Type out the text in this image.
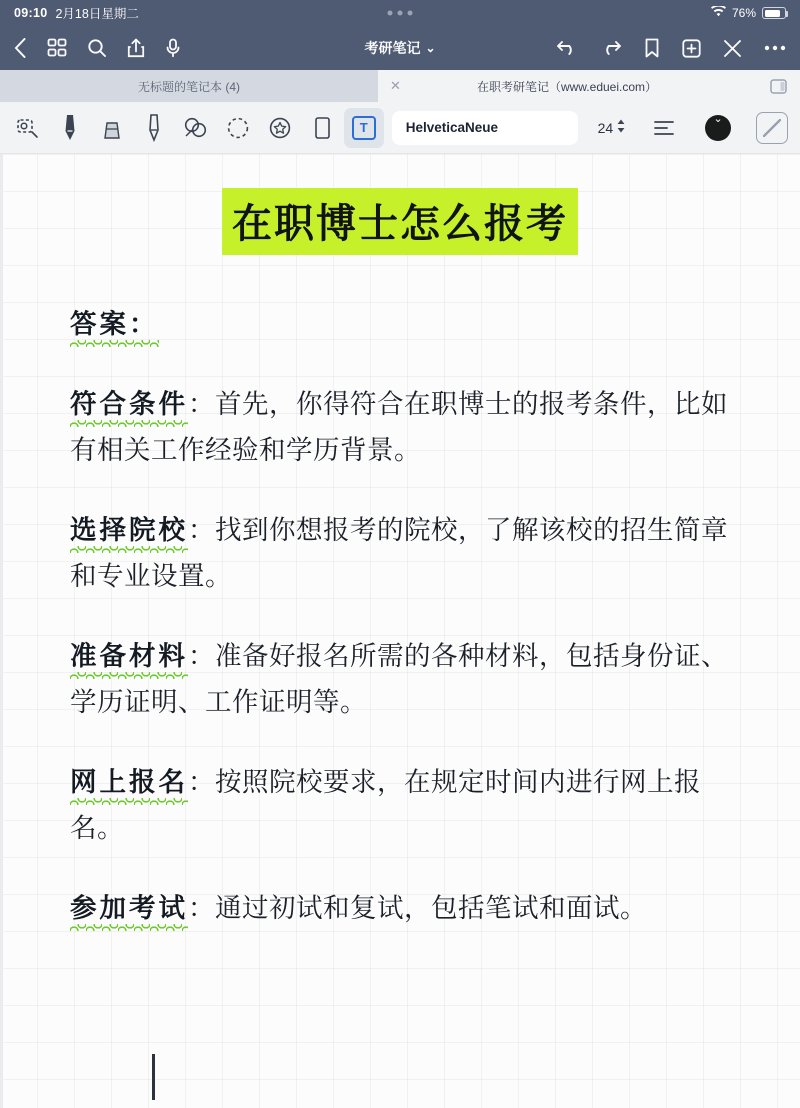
09:10 2月18日星期二	76%
考研笔记 ⌄
无标题的笔记本 (4)	✕	在职考研笔记（www.eduei.com）
T	HelveticaNeue	24
⌄
在职博士怎么报考

答案：

符合条件：首先，你得符合在职博士的报考条件，比如有相关工作经验和学历背景。

选择院校：找到你想报考的院校，了解该校的招生简章和专业设置。

准备材料：准备好报名所需的各种材料，包括身份证、学历证明、工作证明等。

网上报名：按照院校要求，在规定时间内进行网上报名。

参加考试：通过初试和复试，包括笔试和面试。
